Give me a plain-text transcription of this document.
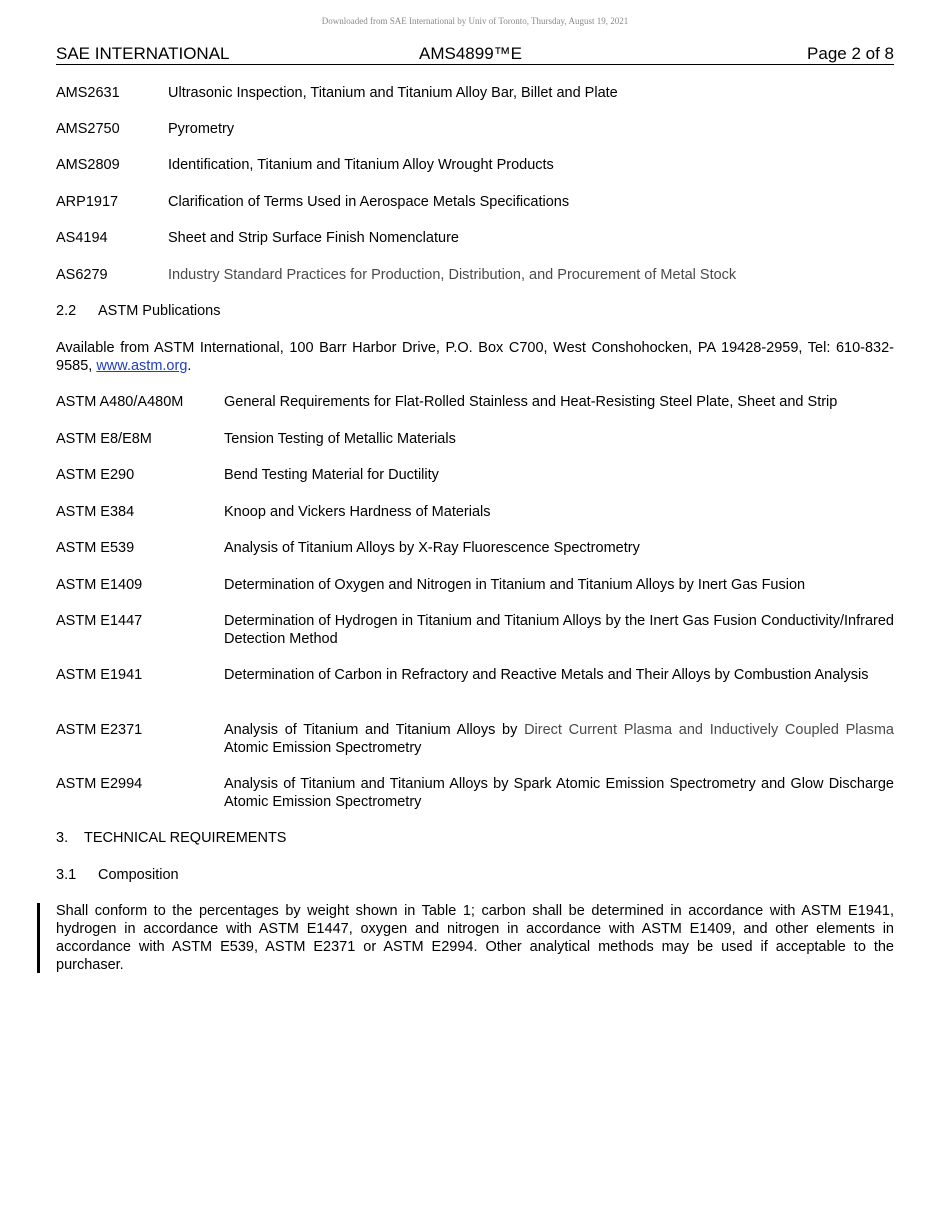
Downloaded from SAE International by Univ of Toronto, Thursday, August 19, 2021
SAE INTERNATIONAL	AMS4899™E	Page 2 of 8
AMS2631	Ultrasonic Inspection, Titanium and Titanium Alloy Bar, Billet and Plate
AMS2750	Pyrometry
AMS2809	Identification, Titanium and Titanium Alloy Wrought Products
ARP1917	Clarification of Terms Used in Aerospace Metals Specifications
AS4194	Sheet and Strip Surface Finish Nomenclature
AS6279	Industry Standard Practices for Production, Distribution, and Procurement of Metal Stock
2.2 ASTM Publications
Available from ASTM International, 100 Barr Harbor Drive, P.O. Box C700, West Conshohocken, PA 19428-2959, Tel: 610-832-9585, www.astm.org.
ASTM A480/A480M	General Requirements for Flat-Rolled Stainless and Heat-Resisting Steel Plate, Sheet and Strip
ASTM E8/E8M	Tension Testing of Metallic Materials
ASTM E290	Bend Testing Material for Ductility
ASTM E384	Knoop and Vickers Hardness of Materials
ASTM E539	Analysis of Titanium Alloys by X-Ray Fluorescence Spectrometry
ASTM E1409	Determination of Oxygen and Nitrogen in Titanium and Titanium Alloys by Inert Gas Fusion
ASTM E1447	Determination of Hydrogen in Titanium and Titanium Alloys by the Inert Gas Fusion Conductivity/Infrared Detection Method
ASTM E1941	Determination of Carbon in Refractory and Reactive Metals and Their Alloys by Combustion Analysis
ASTM E2371	Analysis of Titanium and Titanium Alloys by Direct Current Plasma and Inductively Coupled Plasma Atomic Emission Spectrometry
ASTM E2994	Analysis of Titanium and Titanium Alloys by Spark Atomic Emission Spectrometry and Glow Discharge Atomic Emission Spectrometry
3. TECHNICAL REQUIREMENTS
3.1 Composition
Shall conform to the percentages by weight shown in Table 1; carbon shall be determined in accordance with ASTM E1941, hydrogen in accordance with ASTM E1447, oxygen and nitrogen in accordance with ASTM E1409, and other elements in accordance with ASTM E539, ASTM E2371 or ASTM E2994. Other analytical methods may be used if acceptable to the purchaser.
